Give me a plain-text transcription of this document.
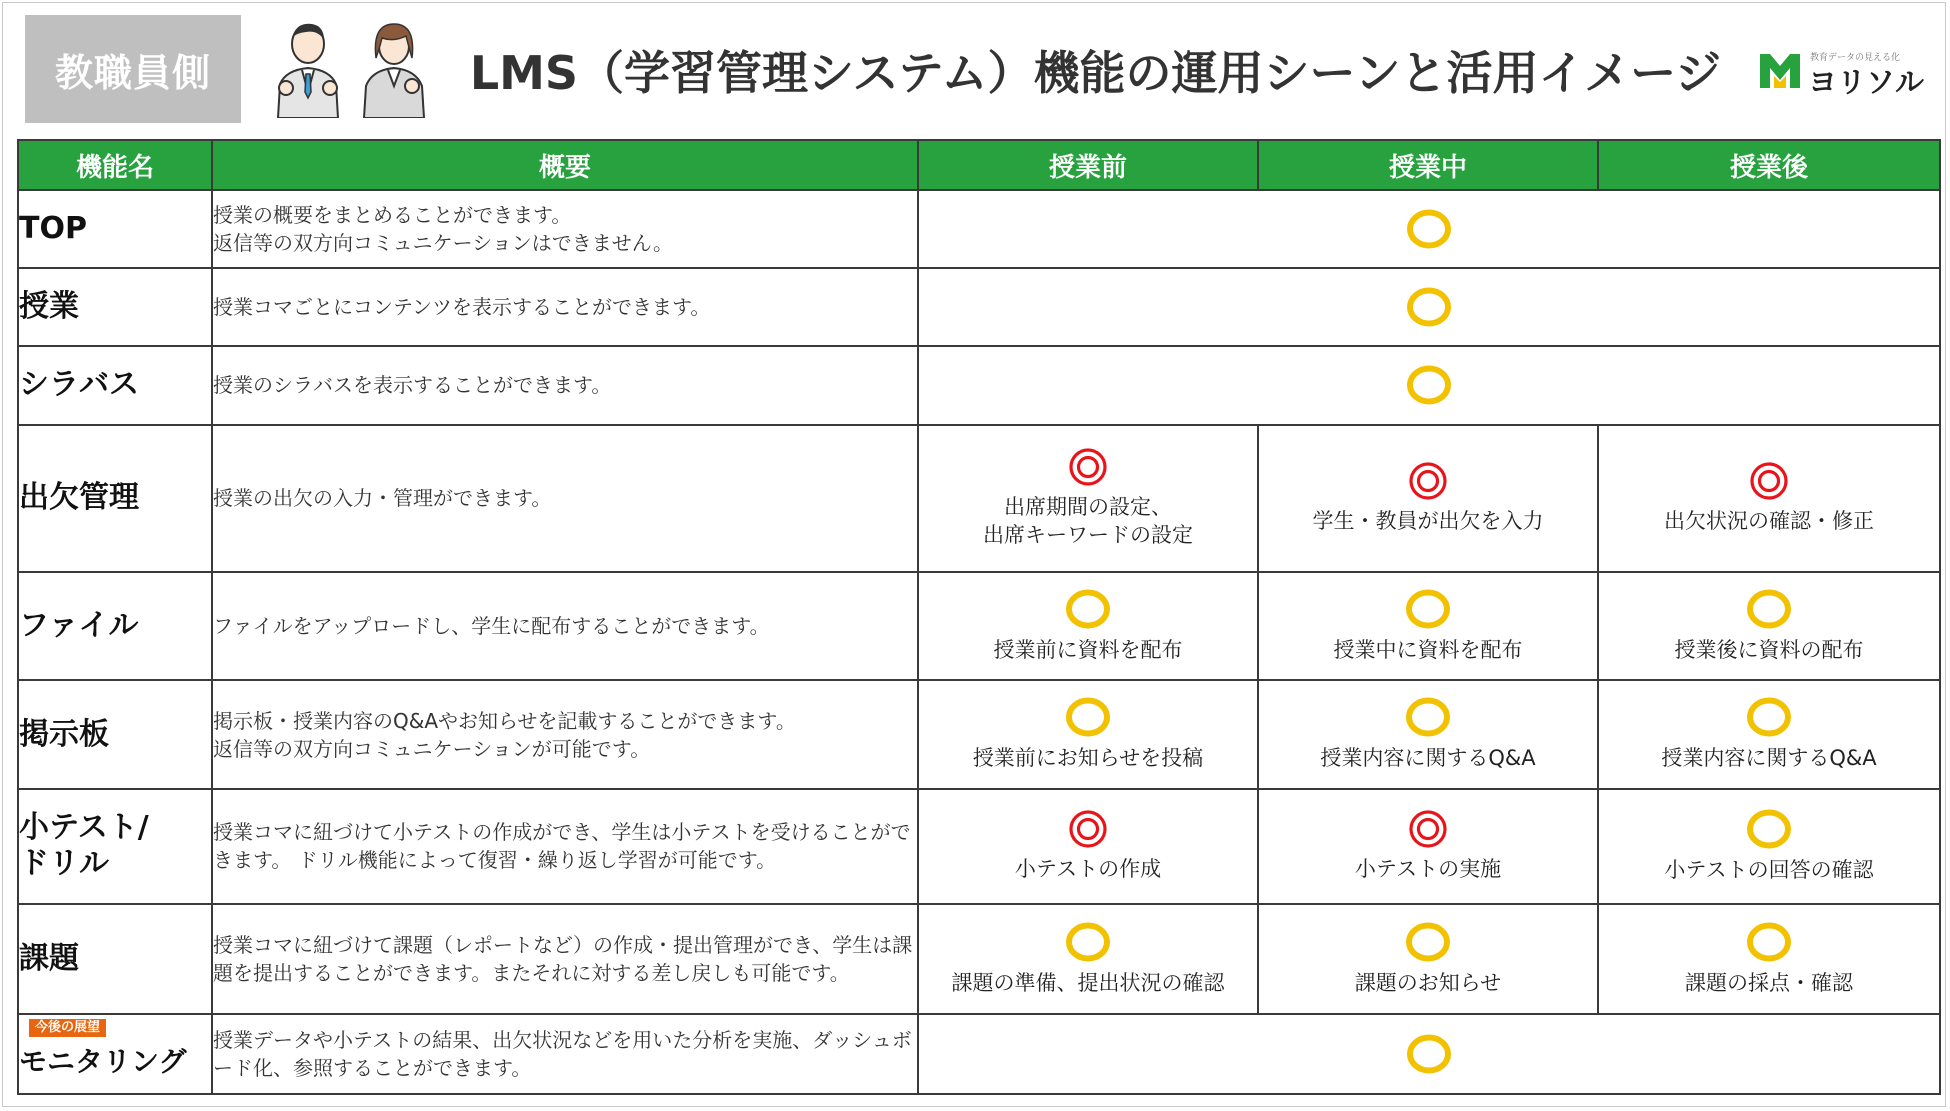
教職員側	LMS（学習管理システム）機能の運用シーンと活用イメージ	教育データの見える化
ヨリソル
機能名	概要	授業前	授業中	授業後
TOP	授業の概要をまとめることができます。
返信等の双方向コミュニケーションはできません。	

授業	授業コマごとにコンテンツを表示することができます。	

シラバス	授業のシラバスを表示することができます。	

出欠管理	授業の出欠の入力・管理ができます。	出席期間の設定、
出席キーワードの設定	学生・教員が出欠を入力	出欠状況の確認・修正

ファイル	ファイルをアップロードし、学生に配布することができます。	授業前に資料を配布	授業中に資料を配布	授業後に資料の配布

掲示板	掲示板・授業内容のQ&Aやお知らせを記載することができます。
返信等の双方向コミュニケーションが可能です。	授業前にお知らせを投稿	授業内容に関するQ&A	授業内容に関するQ&A

小テスト/
ドリル	授業コマに紐づけて小テストの作成ができ、学生は小テストを受けることができます。 ドリル機能によって復習・繰り返し学習が可能です。	小テストの作成	小テストの実施	小テストの回答の確認

課題	授業コマに紐づけて課題（レポートなど）の作成・提出管理ができ、学生は課題を提出することができます。またそれに対する差し戻しも可能です。	課題の準備、提出状況の確認	課題のお知らせ	課題の採点・確認

今後の展望
モニタリング	授業データや小テストの結果、出欠状況などを用いた分析を実施、ダッシュボード化、参照することができます。	
